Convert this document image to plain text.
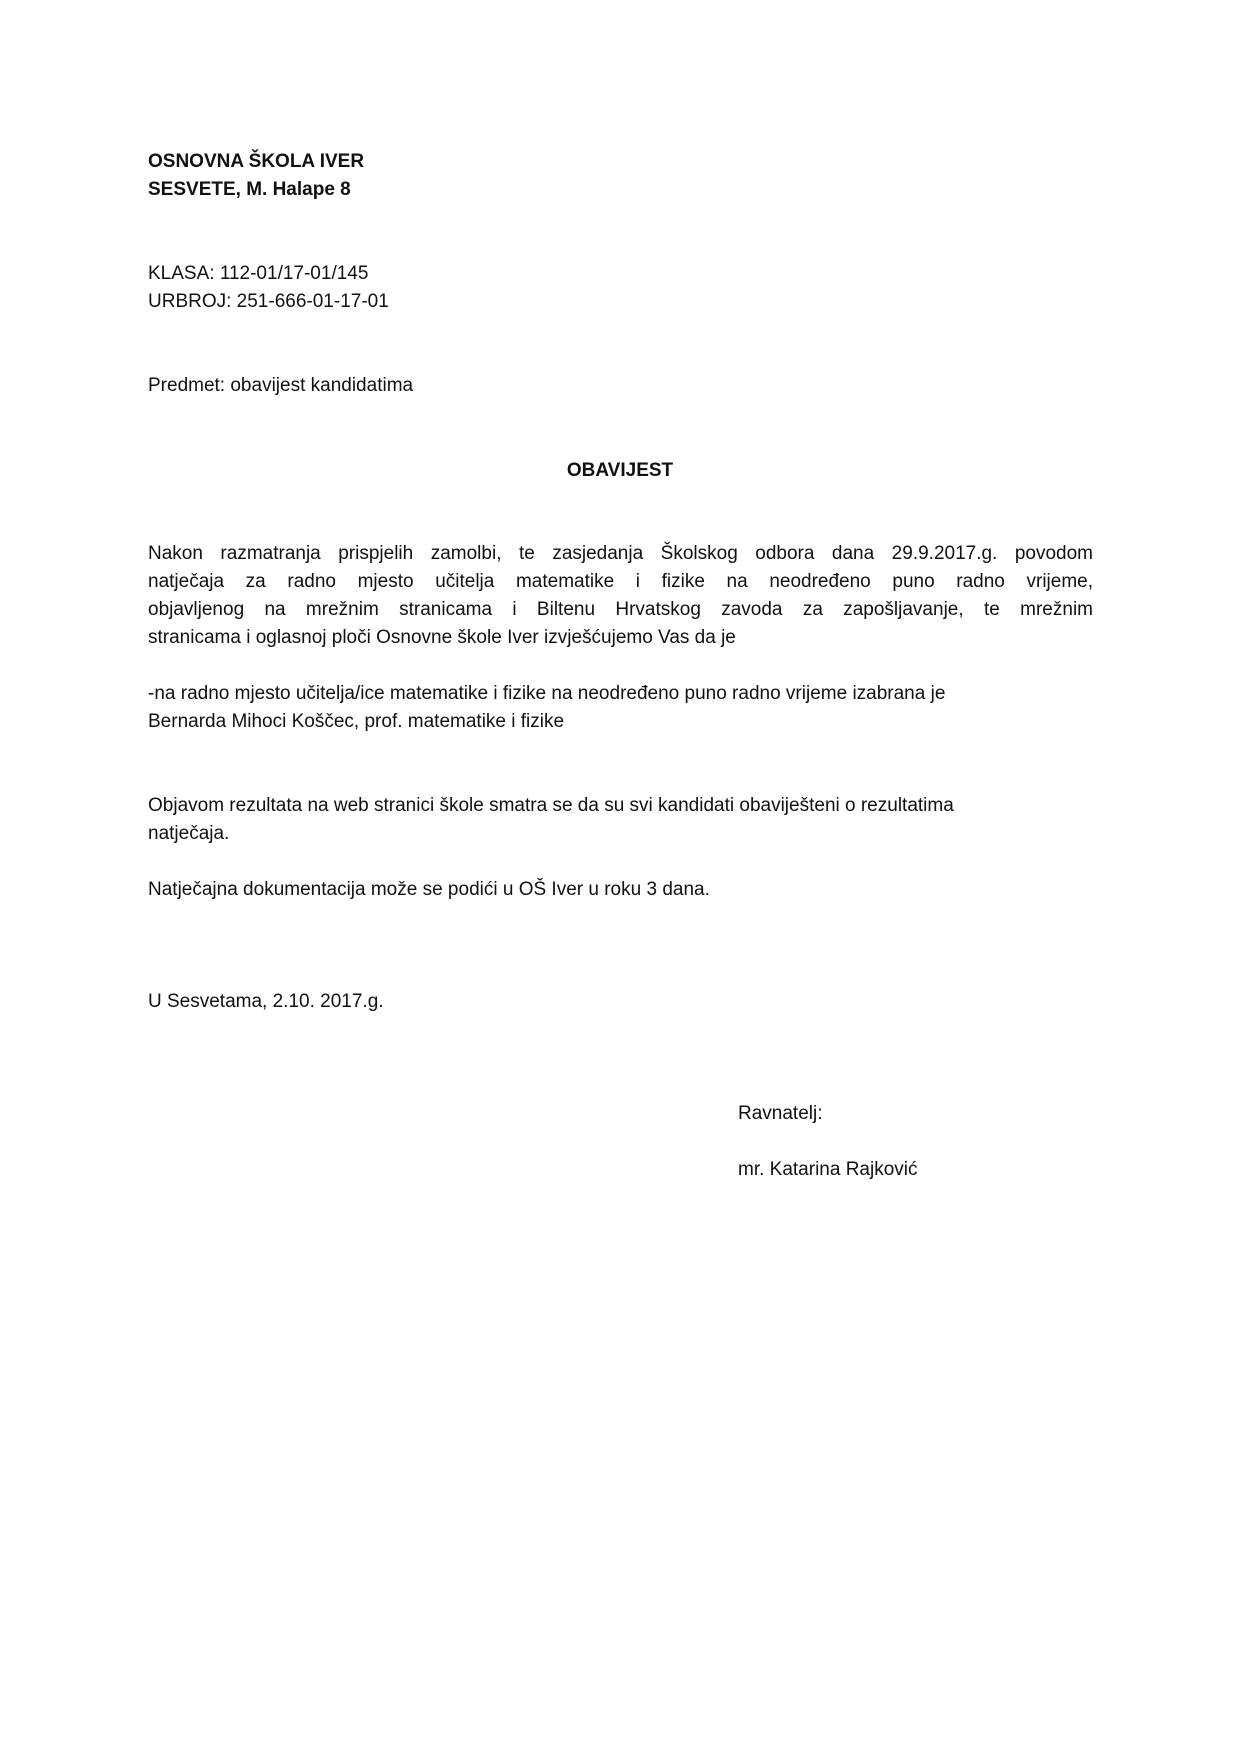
OSNOVNA ŠKOLA IVER
SESVETE, M. Halape 8
KLASA: 112-01/17-01/145
URBROJ: 251-666-01-17-01
Predmet: obavijest kandidatima
OBAVIJEST
Nakon razmatranja prispjelih zamolbi, te zasjedanja Školskog odbora dana 29.9.2017.g. povodom
natječaja za radno mjesto učitelja matematike i fizike na neodređeno puno radno vrijeme,
objavljenog na mrežnim stranicama i Biltenu Hrvatskog zavoda za zapošljavanje, te mrežnim
stranicama i oglasnoj ploči Osnovne škole Iver izvješćujemo Vas da je
-na radno mjesto učitelja/ice matematike i fizike na neodređeno puno radno vrijeme izabrana je
Bernarda Mihoci Koščec, prof. matematike i fizike
Objavom rezultata na web stranici škole smatra se da su svi kandidati obaviješteni o rezultatima
natječaja.
Natječajna dokumentacija može se podići u OŠ Iver u roku 3 dana.
U Sesvetama, 2.10. 2017.g.
Ravnatelj:
mr. Katarina Rajković
